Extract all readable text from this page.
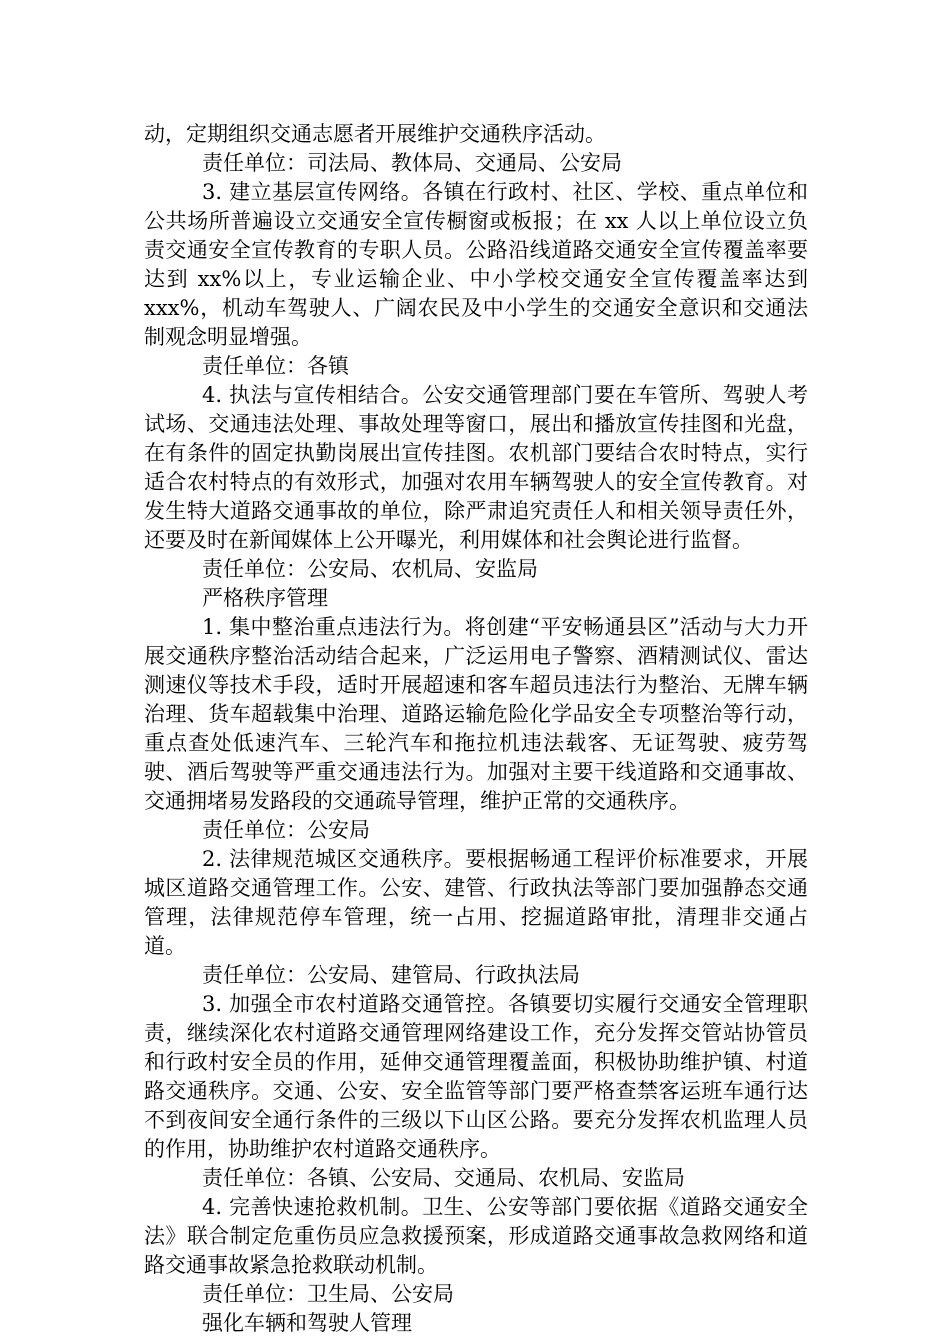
动，定期组织交通志愿者开展维护交通秩序活动。

责任单位：司法局、教体局、交通局、公安局

3. 建立基层宣传网络。各镇在行政村、社区、学校、重点单位和公共场所普遍设立交通安全宣传橱窗或板报；在 xx 人以上单位设立负责交通安全宣传教育的专职人员。公路沿线道路交通安全宣传覆盖率要达到 xx%以上，专业运输企业、中小学校交通安全宣传覆盖率达到 xxx%，机动车驾驶人、广阔农民及中小学生的交通安全意识和交通法制观念明显增强。

责任单位：各镇

4. 执法与宣传相结合。公安交通管理部门要在车管所、驾驶人考试场、交通违法处理、事故处理等窗口，展出和播放宣传挂图和光盘，在有条件的固定执勤岗展出宣传挂图。农机部门要结合农时特点，实行适合农村特点的有效形式，加强对农用车辆驾驶人的安全宣传教育。对发生特大道路交通事故的单位，除严肃追究责任人和相关领导责任外，还要及时在新闻媒体上公开曝光，利用媒体和社会舆论进行监督。

责任单位：公安局、农机局、安监局

严格秩序管理

1. 集中整治重点违法行为。将创建“平安畅通县区”活动与大力开展交通秩序整治活动结合起来，广泛运用电子警察、酒精测试仪、雷达测速仪等技术手段，适时开展超速和客车超员违法行为整治、无牌车辆治理、货车超载集中治理、道路运输危险化学品安全专项整治等行动，重点查处低速汽车、三轮汽车和拖拉机违法载客、无证驾驶、疲劳驾驶、酒后驾驶等严重交通违法行为。加强对主要干线道路和交通事故、交通拥堵易发路段的交通疏导管理，维护正常的交通秩序。

责任单位：公安局

2. 法律规范城区交通秩序。要根据畅通工程评价标准要求，开展城区道路交通管理工作。公安、建管、行政执法等部门要加强静态交通管理，法律规范停车管理，统一占用、挖掘道路审批，清理非交通占道。

责任单位：公安局、建管局、行政执法局

3. 加强全市农村道路交通管控。各镇要切实履行交通安全管理职责，继续深化农村道路交通管理网络建设工作，充分发挥交管站协管员和行政村安全员的作用，延伸交通管理覆盖面，积极协助维护镇、村道路交通秩序。交通、公安、安全监管等部门要严格查禁客运班车通行达不到夜间安全通行条件的三级以下山区公路。要充分发挥农机监理人员的作用，协助维护农村道路交通秩序。

责任单位：各镇、公安局、交通局、农机局、安监局

4. 完善快速抢救机制。卫生、公安等部门要依据《道路交通安全法》联合制定危重伤员应急救援预案，形成道路交通事故急救网络和道路交通事故紧急抢救联动机制。

责任单位：卫生局、公安局

强化车辆和驾驶人管理
